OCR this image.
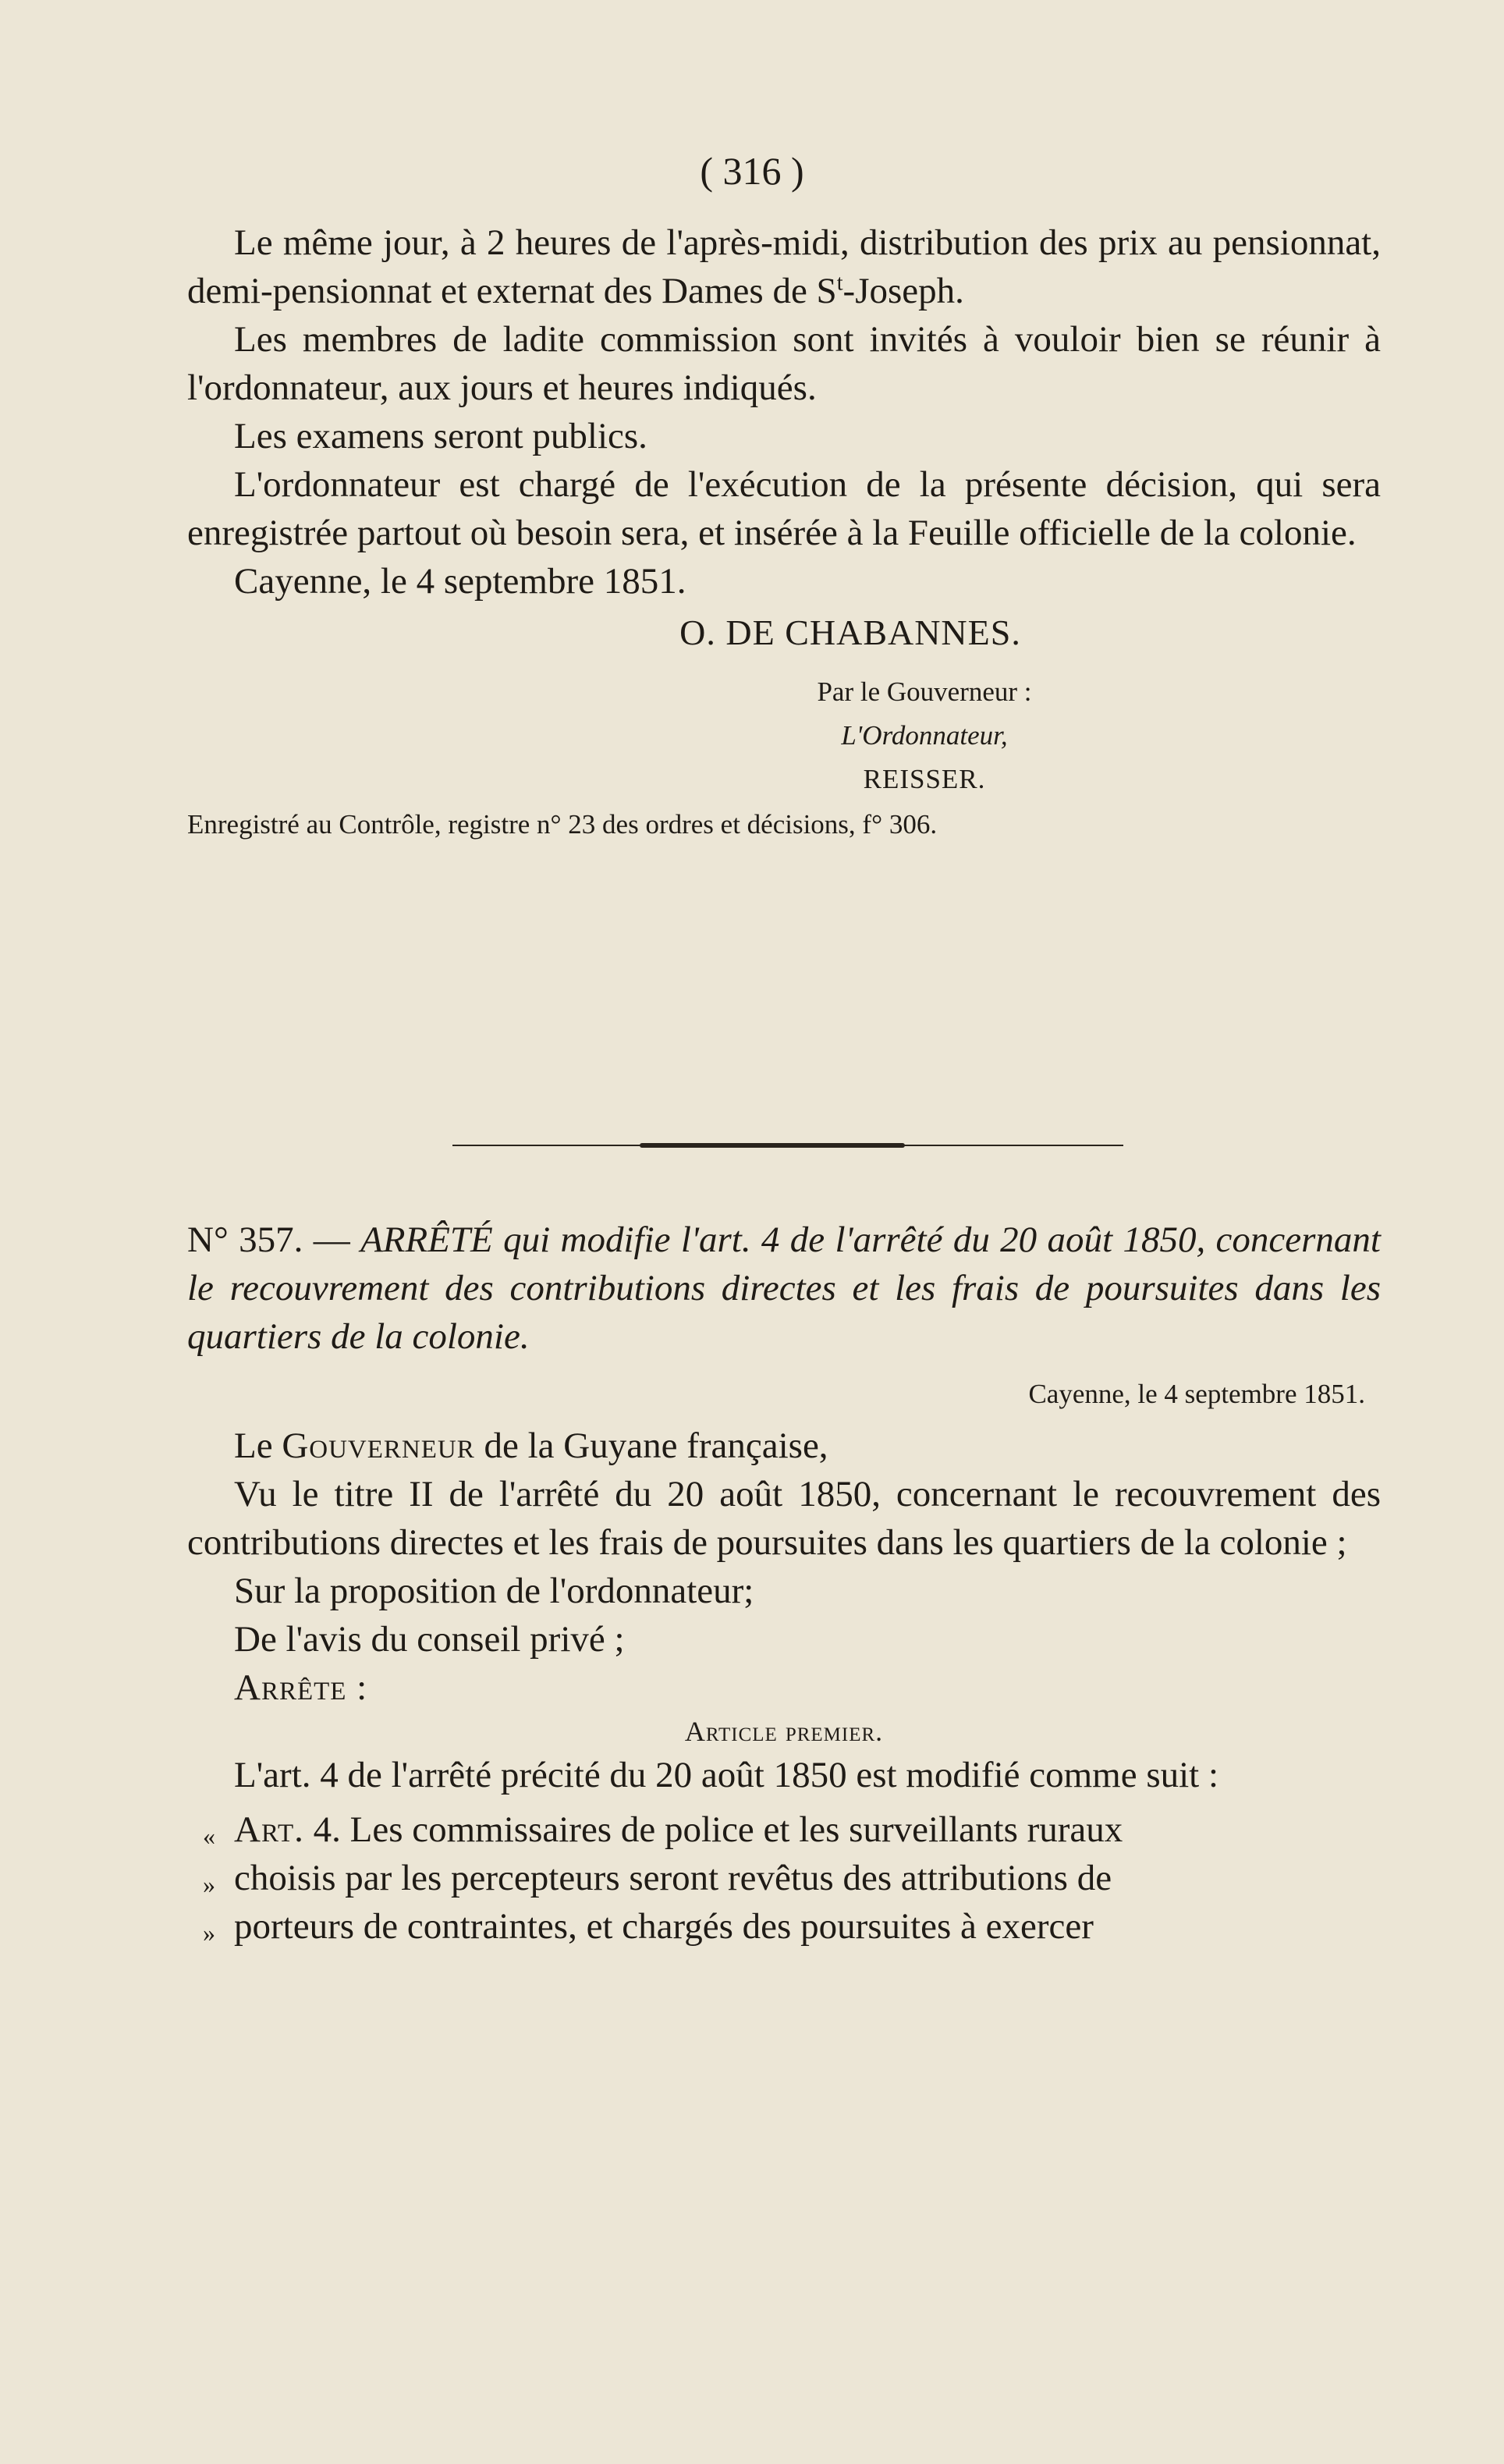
( 316 )

Le même jour, à 2 heures de l'après-midi, distribution des prix au pensionnat, demi-pensionnat et externat des Dames de $S^t$-Joseph.

Les membres de ladite commission sont invités à vouloir bien se réunir à l'ordonnateur, aux jours et heures indiqués.

Les examens seront publics.

L'ordonnateur est chargé de l'exécution de la présente décision, qui sera enregistrée partout où besoin sera, et insérée à la Feuille officielle de la colonie.

Cayenne, le 4 septembre 1851.

O. DE CHABANNES.

Par le Gouverneur :

L'Ordonnateur,

REISSER.

Enregistré au Contrôle, registre n° 23 des ordres et décisions, f° 306.

N° 357. — ARRÊTÉ qui modifie l'art. 4 de l'arrêté du 20 août 1850, concernant le recouvrement des contributions directes et les frais de poursuites dans les quartiers de la colonie.

Cayenne, le 4 septembre 1851.

Le Gouverneur de la Guyane française,

Vu le titre II de l'arrêté du 20 août 1850, concernant le recouvrement des contributions directes et les frais de poursuites dans les quartiers de la colonie ;

Sur la proposition de l'ordonnateur;

De l'avis du conseil privé ;

Arrête :

Article premier.

L'art. 4 de l'arrêté précité du 20 août 1850 est modifié comme suit :

« Art. 4. Les commissaires de police et les surveillants ruraux

» choisis par les percepteurs seront revêtus des attributions de

» porteurs de contraintes, et chargés des poursuites à exercer
